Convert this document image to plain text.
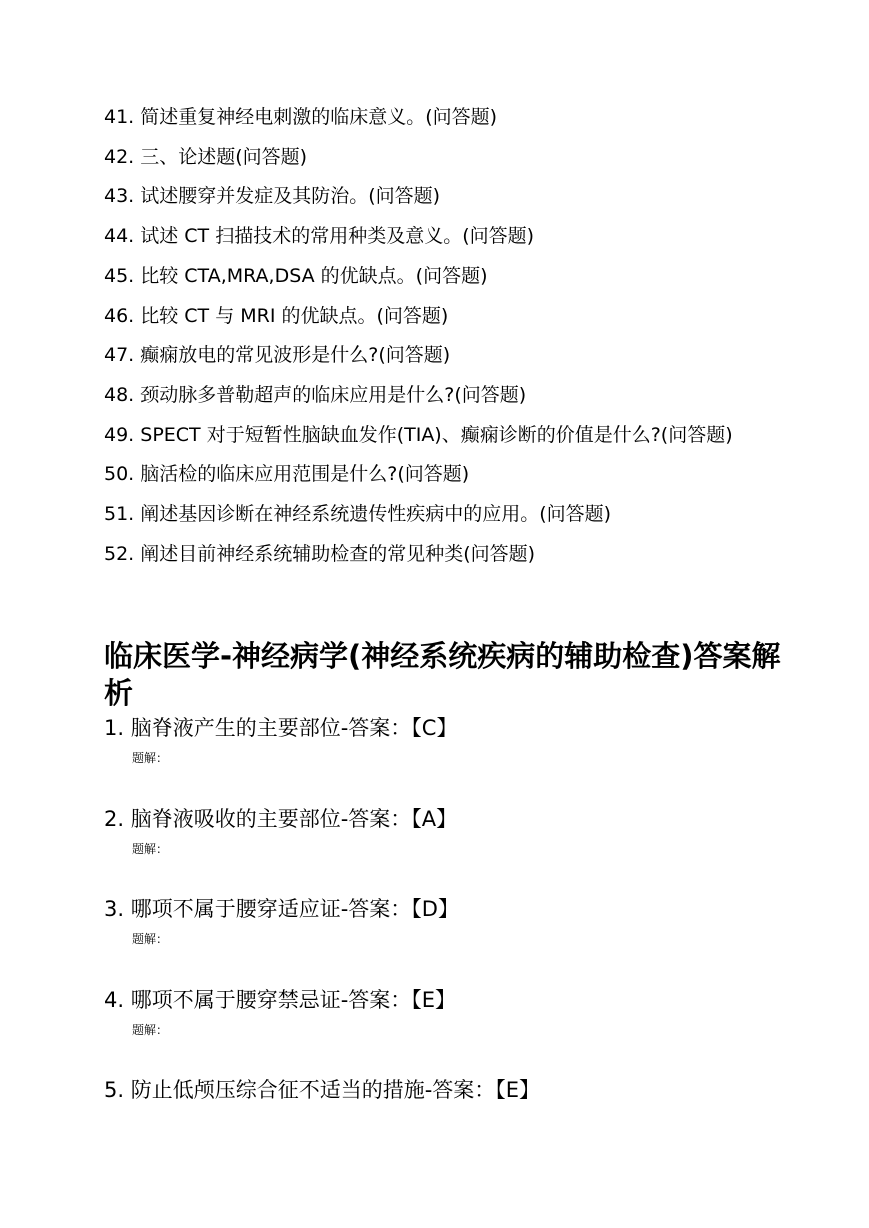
41. 简述重复神经电刺激的临床意义。(问答题)
42. 三、论述题(问答题)
43. 试述腰穿并发症及其防治。(问答题)
44. 试述 CT 扫描技术的常用种类及意义。(问答题)
45. 比较 CTA,MRA,DSA 的优缺点。(问答题)
46. 比较 CT 与 MRI 的优缺点。(问答题)
47. 癫痫放电的常见波形是什么?(问答题)
48. 颈动脉多普勒超声的临床应用是什么?(问答题)
49. SPECT 对于短暂性脑缺血发作(TIA)、癫痫诊断的价值是什么?(问答题)
50. 脑活检的临床应用范围是什么?(问答题)
51. 阐述基因诊断在神经系统遗传性疾病中的应用。(问答题)
52. 阐述目前神经系统辅助检查的常见种类(问答题)
临床医学-神经病学(神经系统疾病的辅助检查)答案解析
1. 脑脊液产生的主要部位-答案：【C】
题解：
2. 脑脊液吸收的主要部位-答案：【A】
题解：
3. 哪项不属于腰穿适应证-答案：【D】
题解：
4. 哪项不属于腰穿禁忌证-答案：【E】
题解：
5. 防止低颅压综合征不适当的措施-答案：【E】
